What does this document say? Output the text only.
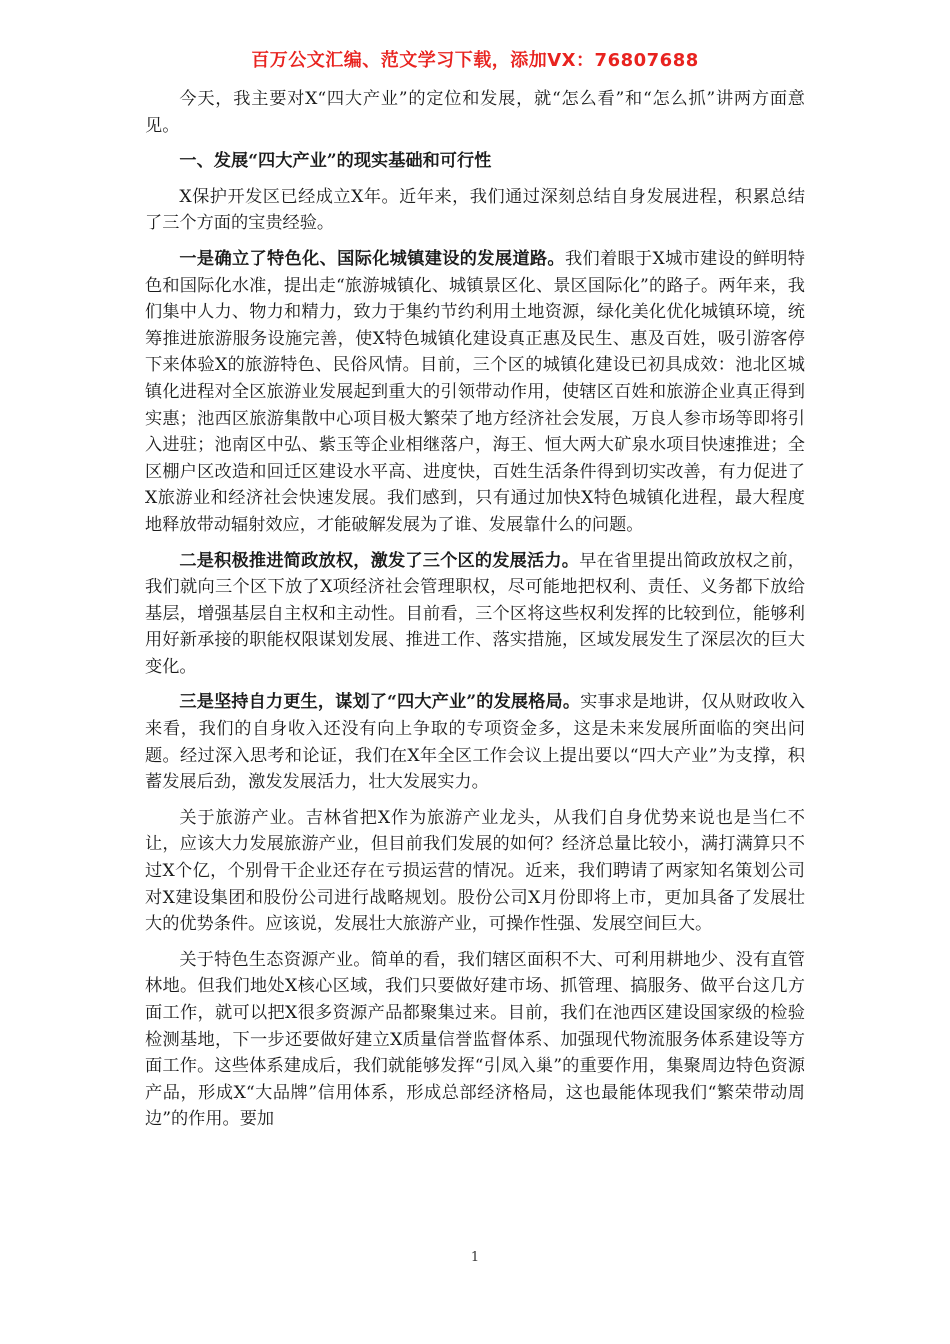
百万公文汇编、范文学习下载，添加VX：76807688

今天，我主要对X“四大产业”的定位和发展，就“怎么看”和“怎么抓”讲两方面意见。

一、发展“四大产业”的现实基础和可行性

X保护开发区已经成立X年。近年来，我们通过深刻总结自身发展进程，积累总结了三个方面的宝贵经验。

一是确立了特色化、国际化城镇建设的发展道路。我们着眼于X城市建设的鲜明特色和国际化水准，提出走“旅游城镇化、城镇景区化、景区国际化”的路子。两年来，我们集中人力、物力和精力，致力于集约节约利用土地资源，绿化美化优化城镇环境，统筹推进旅游服务设施完善，使X特色城镇化建设真正惠及民生、惠及百姓，吸引游客停下来体验X的旅游特色、民俗风情。目前，三个区的城镇化建设已初具成效：池北区城镇化进程对全区旅游业发展起到重大的引领带动作用，使辖区百姓和旅游企业真正得到实惠；池西区旅游集散中心项目极大繁荣了地方经济社会发展，万良人参市场等即将引入进驻；池南区中弘、紫玉等企业相继落户，海王、恒大两大矿泉水项目快速推进；全区棚户区改造和回迁区建设水平高、进度快，百姓生活条件得到切实改善，有力促进了X旅游业和经济社会快速发展。我们感到，只有通过加快X特色城镇化进程，最大程度地释放带动辐射效应，才能破解发展为了谁、发展靠什么的问题。

二是积极推进简政放权，激发了三个区的发展活力。早在省里提出简政放权之前，我们就向三个区下放了X项经济社会管理职权，尽可能地把权利、责任、义务都下放给基层，增强基层自主权和主动性。目前看，三个区将这些权利发挥的比较到位，能够利用好新承接的职能权限谋划发展、推进工作、落实措施，区域发展发生了深层次的巨大变化。

三是坚持自力更生，谋划了“四大产业”的发展格局。实事求是地讲，仅从财政收入来看，我们的自身收入还没有向上争取的专项资金多，这是未来发展所面临的突出问题。经过深入思考和论证，我们在X年全区工作会议上提出要以“四大产业”为支撑，积蓄发展后劲，激发发展活力，壮大发展实力。

关于旅游产业。吉林省把X作为旅游产业龙头，从我们自身优势来说也是当仁不让，应该大力发展旅游产业，但目前我们发展的如何？经济总量比较小，满打满算只不过X个亿，个别骨干企业还存在亏损运营的情况。近来，我们聘请了两家知名策划公司对X建设集团和股份公司进行战略规划。股份公司X月份即将上市，更加具备了发展壮大的优势条件。应该说，发展壮大旅游产业，可操作性强、发展空间巨大。

关于特色生态资源产业。简单的看，我们辖区面积不大、可利用耕地少、没有直管林地。但我们地处X核心区域，我们只要做好建市场、抓管理、搞服务、做平台这几方面工作，就可以把X很多资源产品都聚集过来。目前，我们在池西区建设国家级的检验检测基地，下一步还要做好建立X质量信誉监督体系、加强现代物流服务体系建设等方面工作。这些体系建成后，我们就能够发挥“引凤入巢”的重要作用，集聚周边特色资源产品，形成X“大品牌”信用体系，形成总部经济格局，这也最能体现我们“繁荣带动周边”的作用。要加

1
